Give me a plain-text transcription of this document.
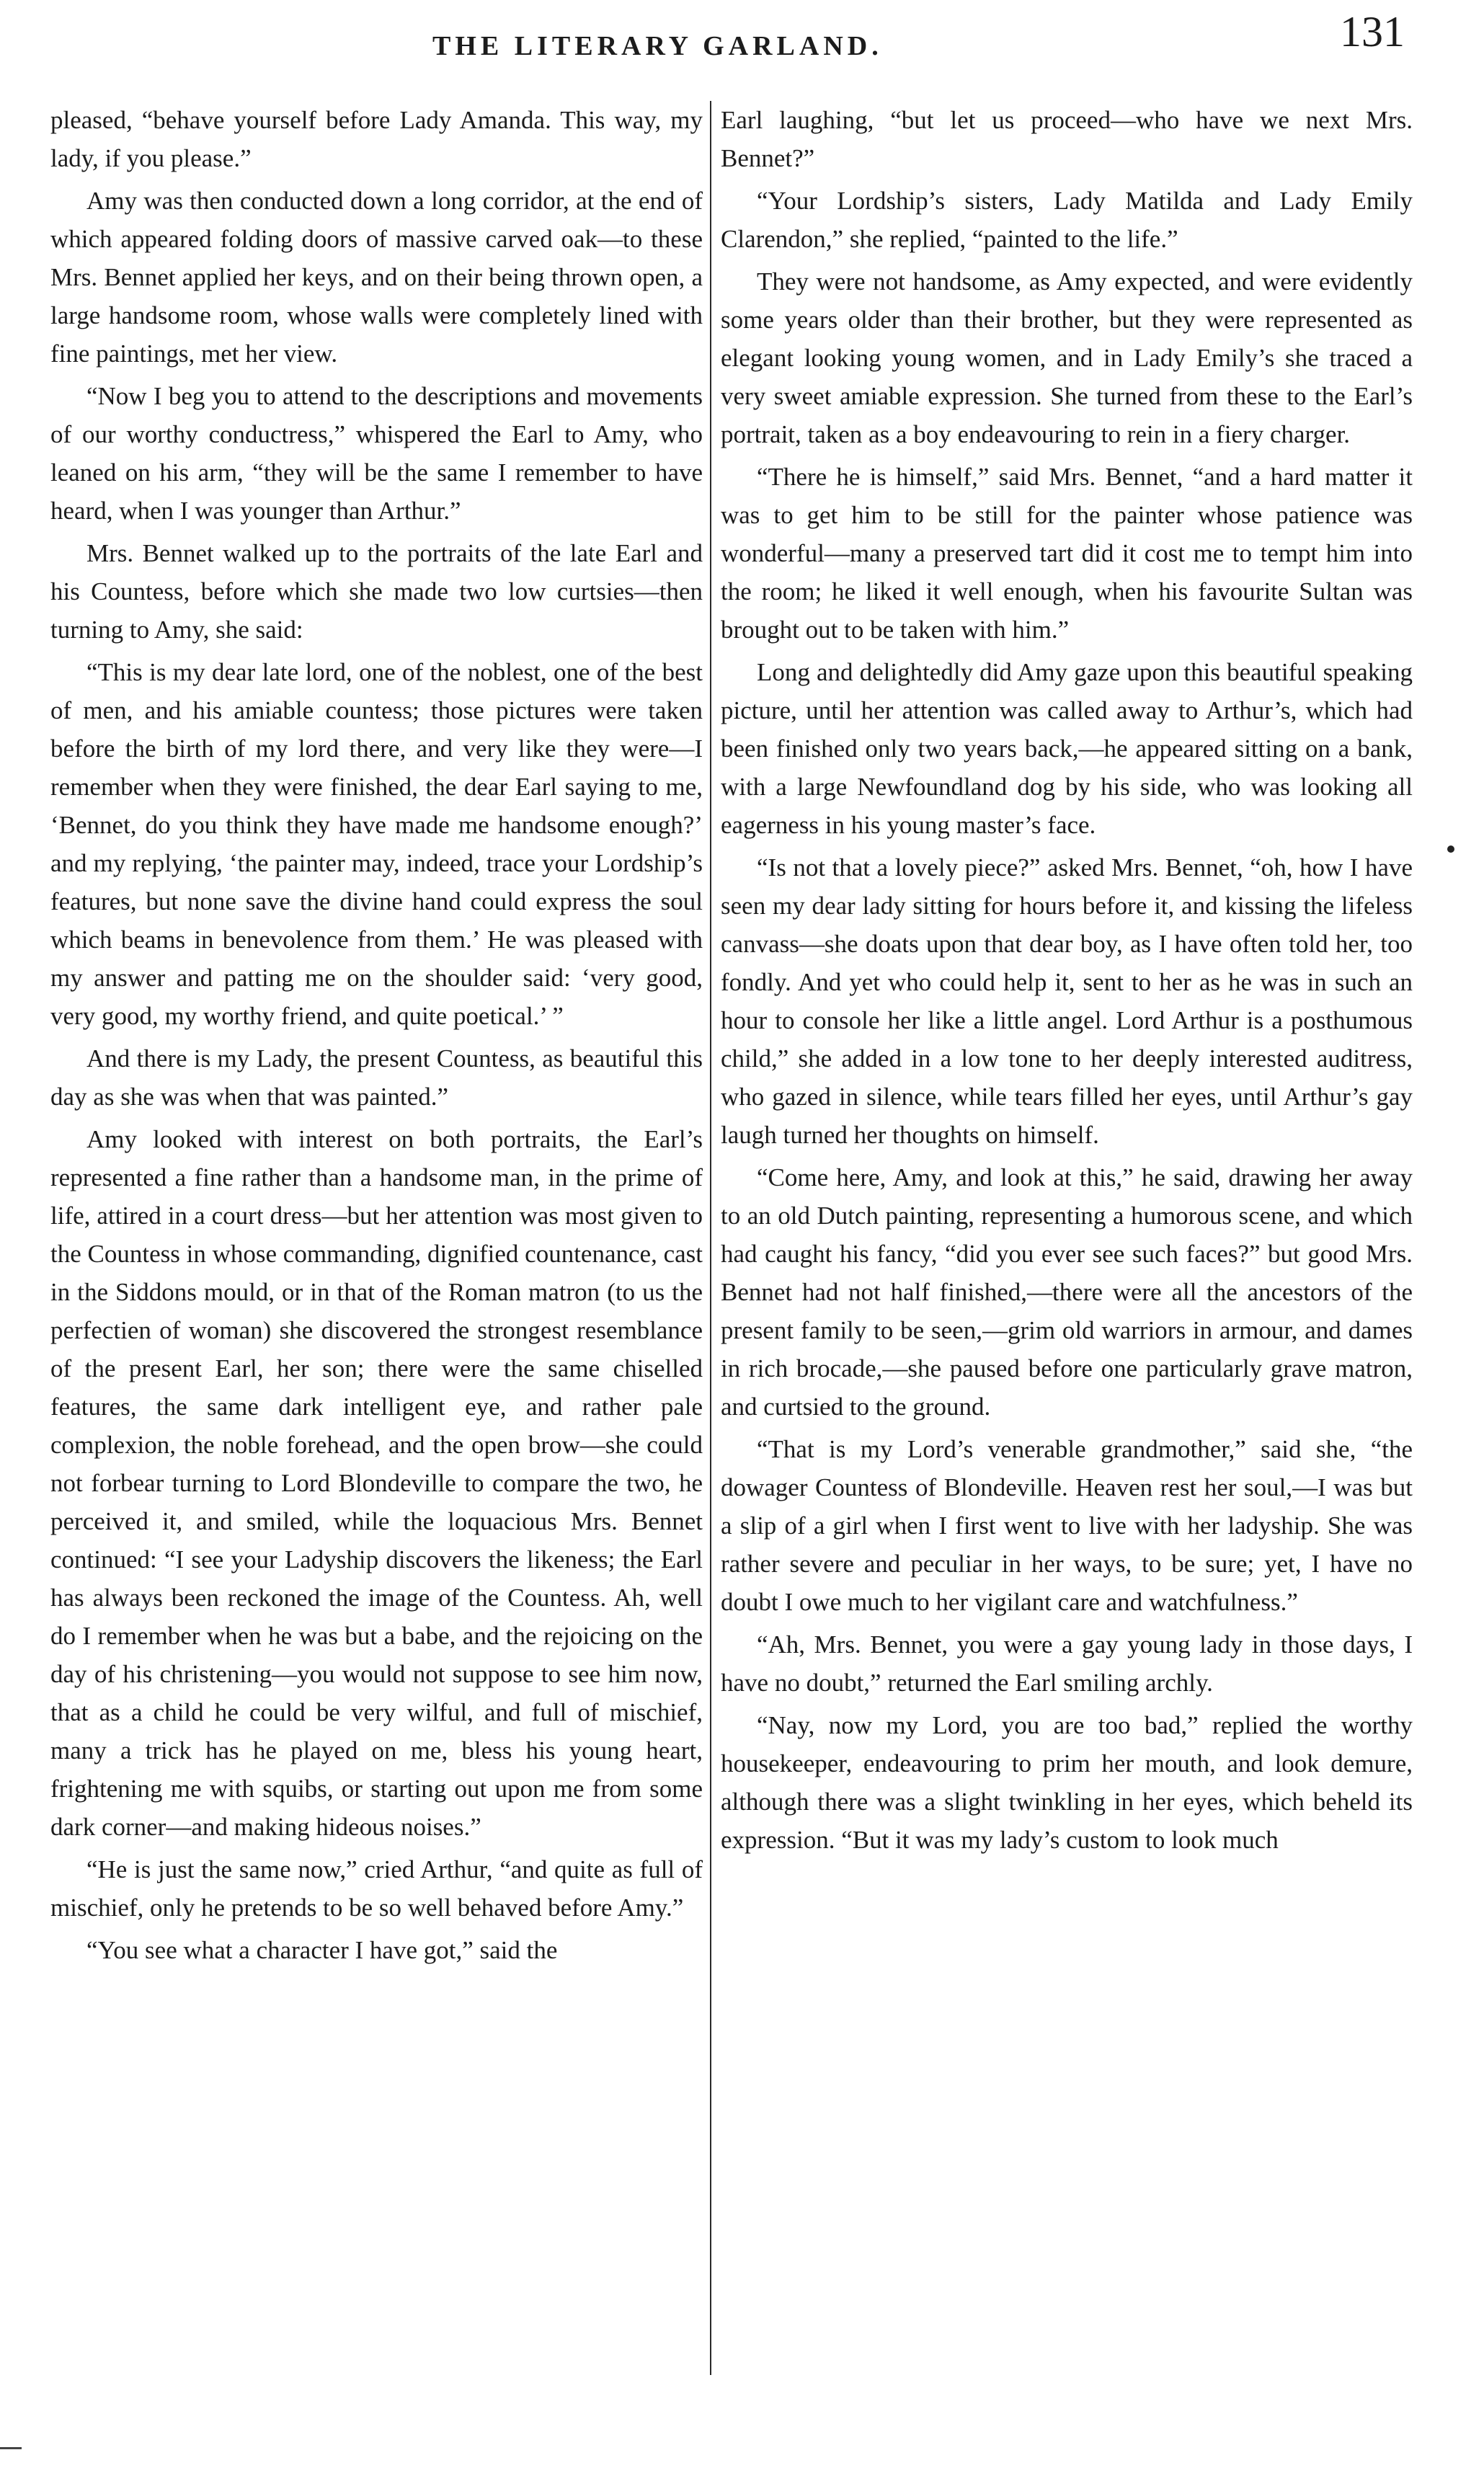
THE LITERARY GARLAND.	131

pleased, “behave yourself before Lady Amanda. This way, my lady, if you please.”

Amy was then conducted down a long corridor, at the end of which appeared folding doors of massive carved oak—to these Mrs. Bennet applied her keys, and on their being thrown open, a large handsome room, whose walls were completely lined with fine paintings, met her view.

“Now I beg you to attend to the descriptions and movements of our worthy conductress,” whispered the Earl to Amy, who leaned on his arm, “they will be the same I remember to have heard, when I was younger than Arthur.”

Mrs. Bennet walked up to the portraits of the late Earl and his Countess, before which she made two low curtsies—then turning to Amy, she said:

“This is my dear late lord, one of the noblest, one of the best of men, and his amiable countess; those pictures were taken before the birth of my lord there, and very like they were—I remember when they were finished, the dear Earl saying to me, ‘Bennet, do you think they have made me handsome enough?’ and my replying, ‘the painter may, indeed, trace your Lordship’s features, but none save the divine hand could express the soul which beams in benevolence from them.’ He was pleased with my answer and patting me on the shoulder said: ‘very good, very good, my worthy friend, and quite poetical.’ ”

And there is my Lady, the present Countess, as beautiful this day as she was when that was painted.”

Amy looked with interest on both portraits, the Earl’s represented a fine rather than a handsome man, in the prime of life, attired in a court dress—but her attention was most given to the Countess in whose commanding, dignified countenance, cast in the Siddons mould, or in that of the Roman matron (to us the perfectien of woman) she discovered the strongest resemblance of the present Earl, her son; there were the same chiselled features, the same dark intelligent eye, and rather pale complexion, the noble forehead, and the open brow—she could not forbear turning to Lord Blondeville to compare the two, he perceived it, and smiled, while the loquacious Mrs. Bennet continued: “I see your Ladyship discovers the likeness; the Earl has always been reckoned the image of the Countess. Ah, well do I remember when he was but a babe, and the rejoicing on the day of his christening—you would not suppose to see him now, that as a child he could be very wilful, and full of mischief, many a trick has he played on me, bless his young heart, frightening me with squibs, or starting out upon me from some dark corner—and making hideous noises.”

“He is just the same now,” cried Arthur, “and quite as full of mischief, only he pretends to be so well behaved before Amy.”

“You see what a character I have got,” said the

Earl laughing, “but let us proceed—who have we next Mrs. Bennet?”

“Your Lordship’s sisters, Lady Matilda and Lady Emily Clarendon,” she replied, “painted to the life.”

They were not handsome, as Amy expected, and were evidently some years older than their brother, but they were represented as elegant looking young women, and in Lady Emily’s she traced a very sweet amiable expression. She turned from these to the Earl’s portrait, taken as a boy endeavouring to rein in a fiery charger.

“There he is himself,” said Mrs. Bennet, “and a hard matter it was to get him to be still for the painter whose patience was wonderful—many a preserved tart did it cost me to tempt him into the room; he liked it well enough, when his favourite Sultan was brought out to be taken with him.”

Long and delightedly did Amy gaze upon this beautiful speaking picture, until her attention was called away to Arthur’s, which had been finished only two years back,—he appeared sitting on a bank, with a large Newfoundland dog by his side, who was looking all eagerness in his young master’s face.

“Is not that a lovely piece?” asked Mrs. Bennet, “oh, how I have seen my dear lady sitting for hours before it, and kissing the lifeless canvass—she doats upon that dear boy, as I have often told her, too fondly. And yet who could help it, sent to her as he was in such an hour to console her like a little angel. Lord Arthur is a posthumous child,” she added in a low tone to her deeply interested auditress, who gazed in silence, while tears filled her eyes, until Arthur’s gay laugh turned her thoughts on himself.

“Come here, Amy, and look at this,” he said, drawing her away to an old Dutch painting, representing a humorous scene, and which had caught his fancy, “did you ever see such faces?” but good Mrs. Bennet had not half finished,—there were all the ancestors of the present family to be seen,—grim old warriors in armour, and dames in rich brocade,—she paused before one particularly grave matron, and curtsied to the ground.

“That is my Lord’s venerable grandmother,” said she, “the dowager Countess of Blondeville. Heaven rest her soul,—I was but a slip of a girl when I first went to live with her ladyship. She was rather severe and peculiar in her ways, to be sure; yet, I have no doubt I owe much to her vigilant care and watchfulness.”

“Ah, Mrs. Bennet, you were a gay young lady in those days, I have no doubt,” returned the Earl smiling archly.

“Nay, now my Lord, you are too bad,” replied the worthy housekeeper, endeavouring to prim her mouth, and look demure, although there was a slight twinkling in her eyes, which beheld its expression. “But it was my lady’s custom to look much
